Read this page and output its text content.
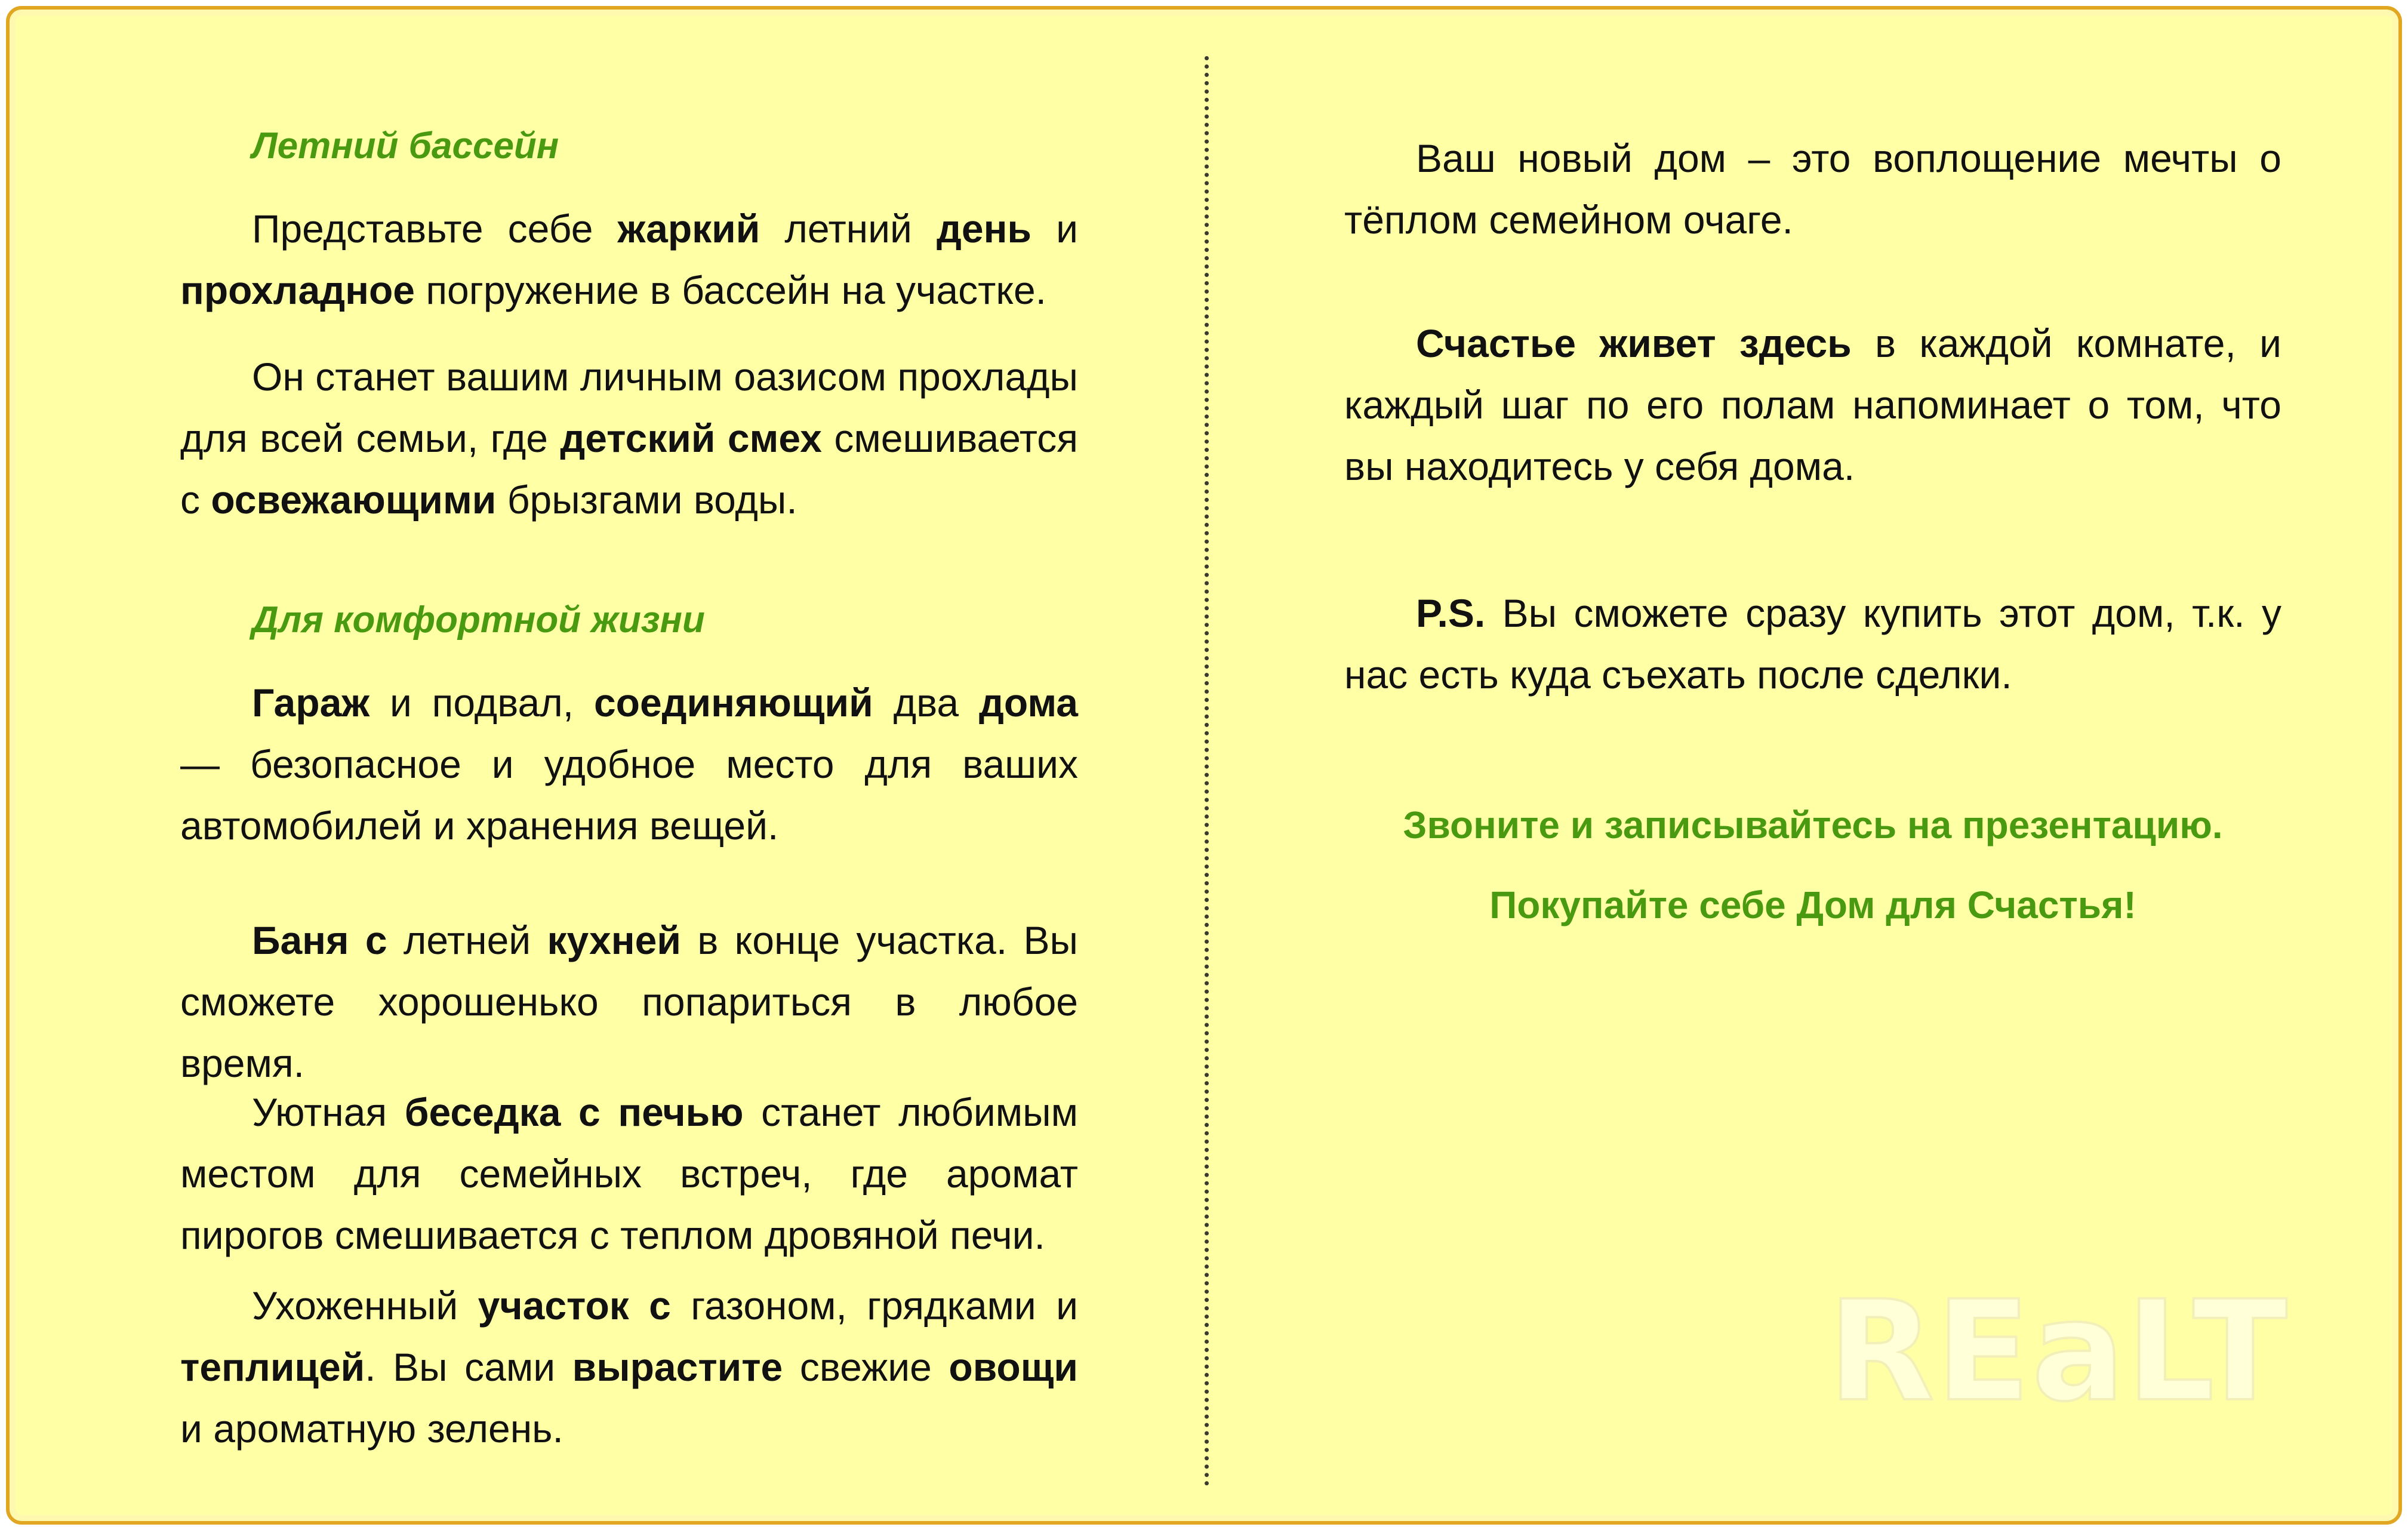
Летний бассейн

Представьте себе жаркий летний день и прохладное погружение в бассейн на участке.

Он станет вашим личным оазисом прохлады для всей семьи, где детский смех смешивается с освежающими брызгами воды.

Для комфортной жизни

Гараж и подвал, соединяющий два дома — безопасное и удобное место для ваших автомобилей и хранения вещей.

Баня с летней кухней в конце участка. Вы сможете хорошенько попариться в любое время.

Уютная беседка с печью станет любимым местом для семейных встреч, где аромат пирогов смешивается с теплом дровяной печи.

Ухоженный участок с газоном, грядками и теплицей. Вы сами вырастите свежие овощи и ароматную зелень.

Ваш новый дом – это воплощение мечты о тёплом семейном очаге.

Счастье живет здесь в каждой комнате, и каждый шаг по его полам напоминает о том, что вы находитесь у себя дома.

P.S. Вы сможете сразу купить этот дом, т.к. у нас есть куда съехать после сделки.

Звоните и записывайтесь на презентацию.

Покупайте себе Дом для Счастья!

REaLT
